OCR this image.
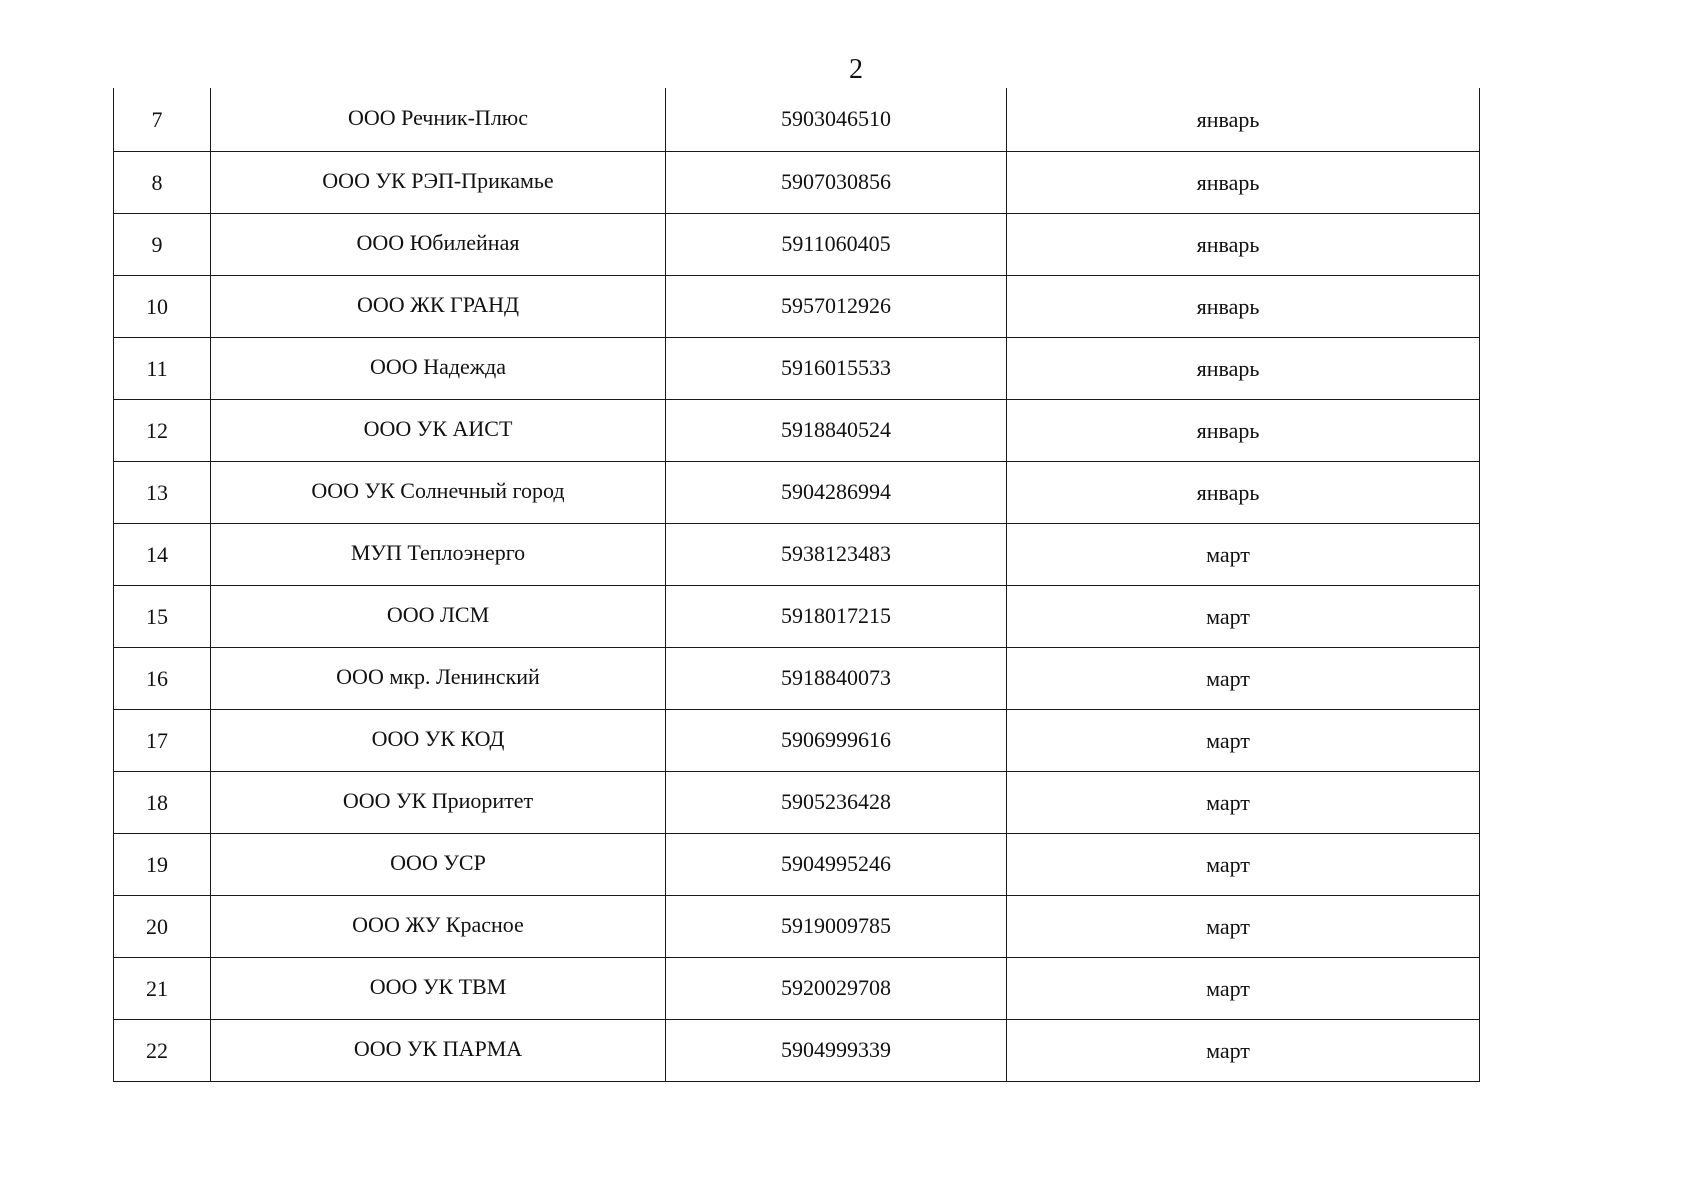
2
7	ООО Речник-Плюс	5903046510	январь
8	ООО УК РЭП-Прикамье	5907030856	январь
9	ООО Юбилейная	5911060405	январь
10	ООО ЖК ГРАНД	5957012926	январь
11	ООО Надежда	5916015533	январь
12	ООО УК АИСТ	5918840524	январь
13	ООО УК Солнечный город	5904286994	январь
14	МУП Теплоэнерго	5938123483	март
15	ООО ЛСМ	5918017215	март
16	ООО мкр. Ленинский	5918840073	март
17	ООО УК КОД	5906999616	март
18	ООО УК Приоритет	5905236428	март
19	ООО УСР	5904995246	март
20	ООО ЖУ Красное	5919009785	март
21	ООО УК ТВМ	5920029708	март
22	ООО УК ПАРМА	5904999339	март
